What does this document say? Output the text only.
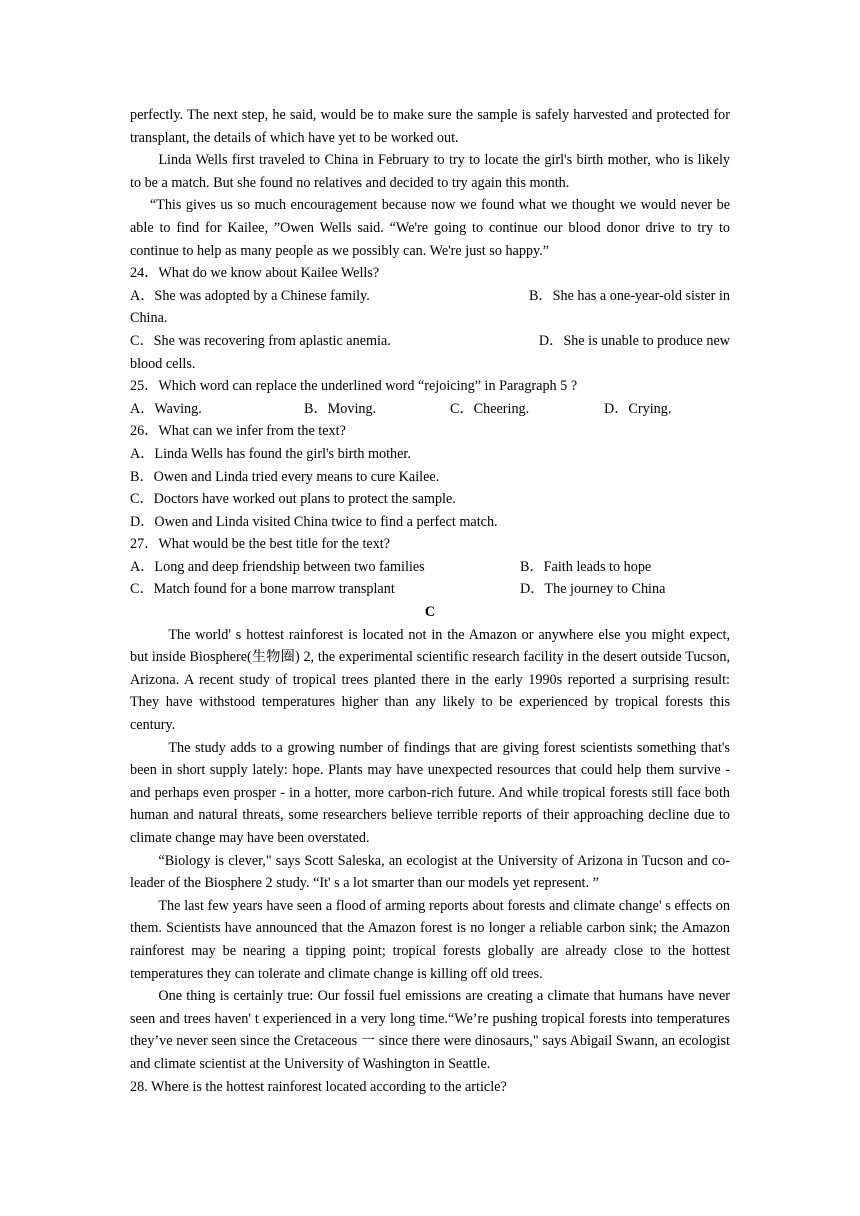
perfectly. The next step, he said, would be to make sure the sample is safely harvested and protected for transplant, the details of which have yet to be worked out.

Linda Wells first traveled to China in February to try to locate the girl's birth mother, who is likely to be a match. But she found no relatives and decided to try again this month.

“This gives us so much encouragement because now we found what we thought we would never be able to find for Kailee, ”Owen Wells said. “We're going to continue our blood donor drive to try to continue to help as many people as we possibly can. We're just so happy.”

24．What do we know about Kailee Wells?

A．She was adopted by a Chinese family.	B．She has a one-year-old sister in

China.

C．She was recovering from aplastic anemia.	D．She is unable to produce new

blood cells.

25．Which word can replace the underlined word “rejoicing” in Paragraph 5 ?

A．Waving.	B．Moving.	C．Cheering.	D．Crying.

26．What can we infer from the text?

A．Linda Wells has found the girl's birth mother.

B．Owen and Linda tried every means to cure Kailee.

C．Doctors have worked out plans to protect the sample.

D．Owen and Linda visited China twice to find a perfect match.

27．What would be the best title for the text?

A．Long and deep friendship between two families	B．Faith leads to hope
C．Match found for a bone marrow transplant	D．The journey to China

C

The world' s hottest rainforest is located not in the Amazon or anywhere else you might expect, but inside Biosphere(生物圈) 2, the experimental scientific research facility in the desert outside Tucson, Arizona. A recent study of tropical trees planted there in the early 1990s reported a surprising result: They have withstood temperatures higher than any likely to be experienced by tropical forests this century.

The study adds to a growing number of findings that are giving forest scientists something that's been in short supply lately: hope. Plants may have unexpected resources that could help them survive - and perhaps even prosper - in a hotter, more carbon-rich future. And while tropical forests still face both human and natural threats, some researchers believe terrible reports of their approaching decline due to climate change may have been overstated.

“Biology is clever," says Scott Saleska, an ecologist at the University of Arizona in Tucson and co-leader of the Biosphere 2 study. “It' s a lot smarter than our models yet represent. ”

The last few years have seen a flood of arming reports about forests and climate change' s effects on them. Scientists have announced that the Amazon forest is no longer a reliable carbon sink; the Amazon rainforest may be nearing a tipping point; tropical forests globally are already close to the hottest temperatures they can tolerate and climate change is killing off old trees.

One thing is certainly true: Our fossil fuel emissions are creating a climate that humans have never seen and trees haven' t experienced in a very long time.“We’re pushing tropical forests into temperatures they’ve never seen since the Cretaceous 一 since there were dinosaurs," says Abigail Swann, an ecologist and climate scientist at the University of Washington in Seattle.

28. Where is the hottest rainforest located according to the article?
